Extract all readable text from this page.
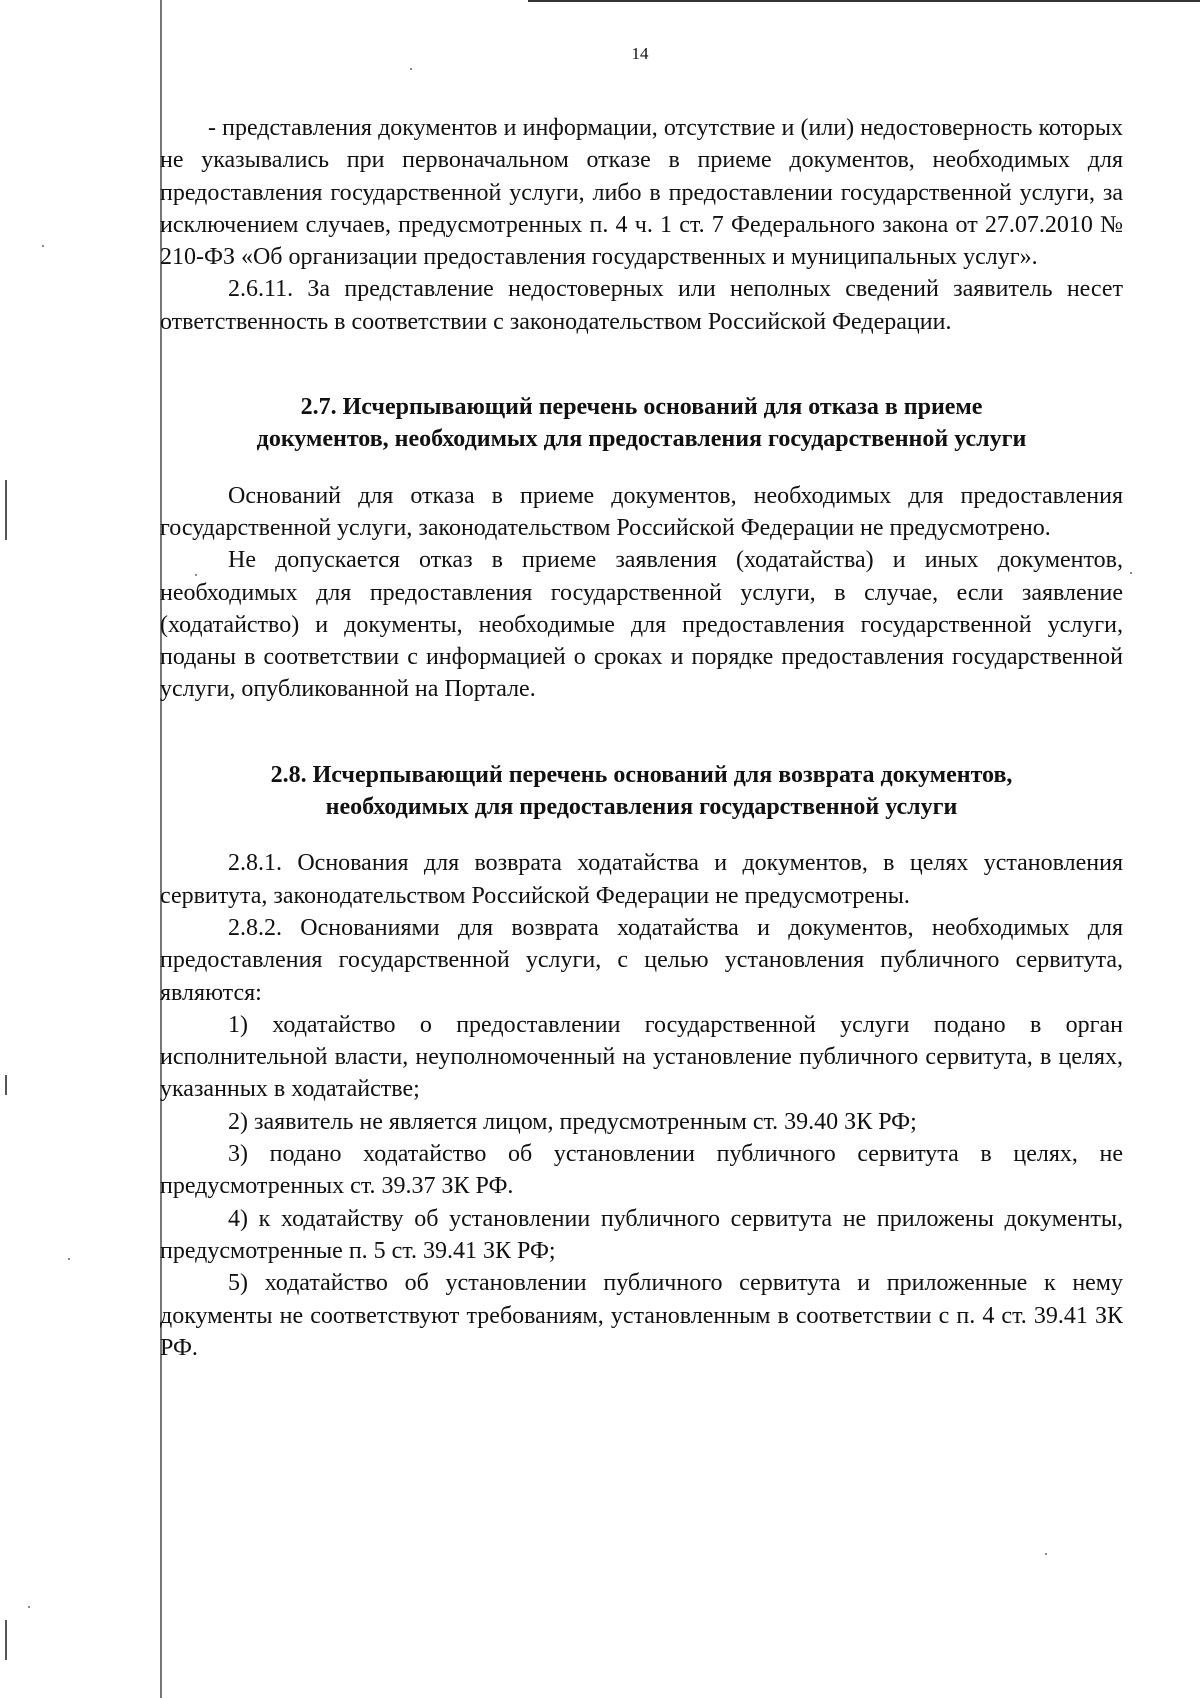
14

- представления документов и информации, отсутствие и (или) недостоверность которых не указывались при первоначальном отказе в приеме документов, необходимых для предоставления государственной услуги, либо в предоставлении государственной услуги, за исключением случаев, предусмотренных п. 4 ч. 1 ст. 7 Федерального закона от 27.07.2010 № 210-ФЗ «Об организации предоставления государственных и муниципальных услуг».

2.6.11. За представление недостоверных или неполных сведений заявитель несет ответственность в соответствии с законодательством Российской Федерации.

2.7. Исчерпывающий перечень оснований для отказа в приеме
документов, необходимых для предоставления государственной услуги

Оснований для отказа в приеме документов, необходимых для предоставления государственной услуги, законодательством Российской Федерации не предусмотрено.

Не допускается отказ в приеме заявления (ходатайства) и иных документов, необходимых для предоставления государственной услуги, в случае, если заявление (ходатайство) и документы, необходимые для предоставления государственной услуги, поданы в соответствии с информацией о сроках и порядке предоставления государственной услуги, опубликованной на Портале.

2.8. Исчерпывающий перечень оснований для возврата документов,
необходимых для предоставления государственной услуги

2.8.1. Основания для возврата ходатайства и документов, в целях установления сервитута, законодательством Российской Федерации не предусмотрены.

2.8.2. Основаниями для возврата ходатайства и документов, необходимых для предоставления государственной услуги, с целью установления публичного сервитута, являются:

1) ходатайство о предоставлении государственной услуги подано в орган исполнительной власти, неуполномоченный на установление публичного сервитута, в целях, указанных в ходатайстве;

2) заявитель не является лицом, предусмотренным ст. 39.40 ЗК РФ;

3) подано ходатайство об установлении публичного сервитута в целях, не предусмотренных ст. 39.37 ЗК РФ.

4) к ходатайству об установлении публичного сервитута не приложены документы, предусмотренные п. 5 ст. 39.41 ЗК РФ;

5) ходатайство об установлении публичного сервитута и приложенные к нему документы не соответствуют требованиям, установленным в соответствии с п. 4 ст. 39.41 ЗК РФ.
